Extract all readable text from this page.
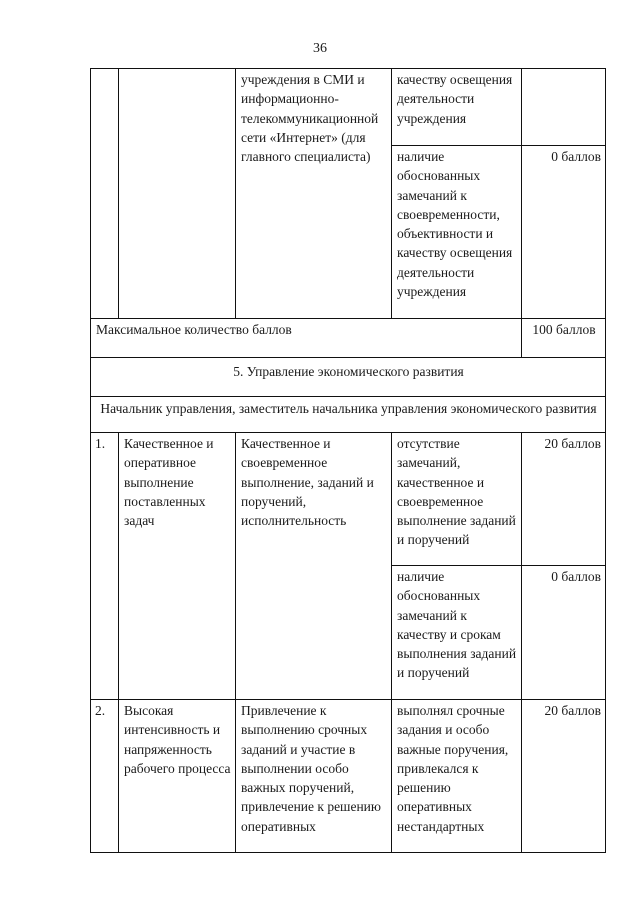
36

		учреждения в СМИ и информационно-телекоммуникационной сети «Интернет» (для главного специалиста)	качеству освещения деятельности учреждения	

			наличие обоснованных замечаний к своевременности, объективности и качеству освещения деятельности учреждения	0 баллов
Максимальное количество баллов				100 баллов
5. Управление экономического развития				
Начальник управления, заместитель начальника управления экономического развития				
1.	Качественное и оперативное выполнение поставленных задач	Качественное и своевременное выполнение, заданий и поручений, исполнительность	отсутствие замечаний, качественное и своевременное выполнение заданий и поручений	20 баллов

			наличие обоснованных замечаний к качеству и срокам выполнения заданий и поручений	0 баллов
2.	Высокая интенсивность и напряженность рабочего процесса	Привлечение к выполнению срочных заданий и участие в выполнении особо важных поручений, привлечение к решению оперативных	выполнял срочные задания и особо важные поручения, привлекался к решению оперативных нестандартных	20 баллов
